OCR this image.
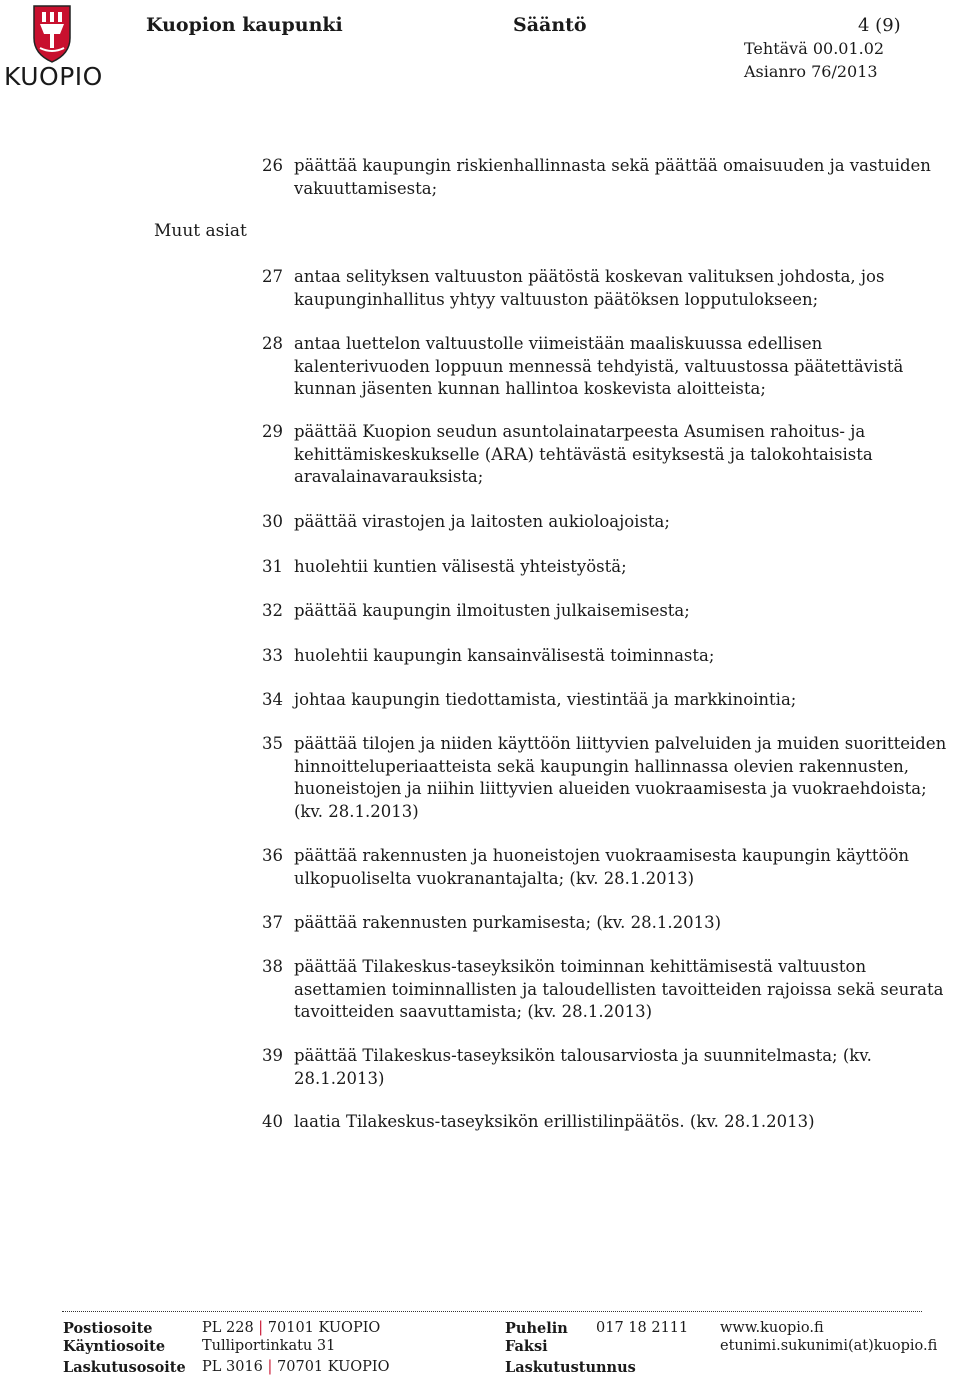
KUOPIO
Kuopion kaupunki	Sääntö	4 (9)
Tehtävä 00.01.02
Asianro 76/2013
Muut asiat
26 päättää kaupungin riskienhallinnasta sekä päättää omaisuuden ja vastuiden vakuuttamisesta;
27 antaa selityksen valtuuston päätöstä koskevan valituksen johdosta, jos kaupunginhallitus yhtyy valtuuston päätöksen lopputulokseen;
28 antaa luettelon valtuustolle viimeistään maaliskuussa edellisen kalenterivuoden loppuun mennessä tehdyistä, valtuustossa päätettävistä kunnan jäsenten kunnan hallintoa koskevista aloitteista;
29 päättää Kuopion seudun asuntolainatarpeesta Asumisen rahoitus- ja kehittämiskeskukselle (ARA) tehtävästä esityksestä ja talokohtaisista aravalainavarauksista;
30 päättää virastojen ja laitosten aukioloajoista;
31 huolehtii kuntien välisestä yhteistyöstä;
32 päättää kaupungin ilmoitusten julkaisemisesta;
33 huolehtii kaupungin kansainvälisestä toiminnasta;
34 johtaa kaupungin tiedottamista, viestintää ja markkinointia;
35 päättää tilojen ja niiden käyttöön liittyvien palveluiden ja muiden suoritteiden hinnoitteluperiaatteista sekä kaupungin hallinnassa olevien rakennusten, huoneistojen ja niihin liittyvien alueiden vuokraamisesta ja vuokraehdoista; (kv. 28.1.2013)
36 päättää rakennusten ja huoneistojen vuokraamisesta kaupungin käyttöön ulkopuoliselta vuokranantajalta; (kv. 28.1.2013)
37 päättää rakennusten purkamisesta; (kv. 28.1.2013)
38 päättää Tilakeskus-taseyksikön toiminnan kehittämisestä valtuuston asettamien toiminnallisten ja taloudellisten tavoitteiden rajoissa sekä seurata tavoitteiden saavuttamista; (kv. 28.1.2013)
39 päättää Tilakeskus-taseyksikön talousarviosta ja suunnitelmasta; (kv. 28.1.2013)
40 laatia Tilakeskus-taseyksikön erillistilinpäätös. (kv. 28.1.2013)
Postiosoite	PL 228 | 70101 KUOPIO
Käyntiosoite	Tulliportinkatu 31
Laskutusosoite PL 3016 | 70701 KUOPIO
Puhelin 017 18 2111
Faksi
Laskutustunnus
www.kuopio.fi
etunimi.sukunimi(at)kuopio.fi
